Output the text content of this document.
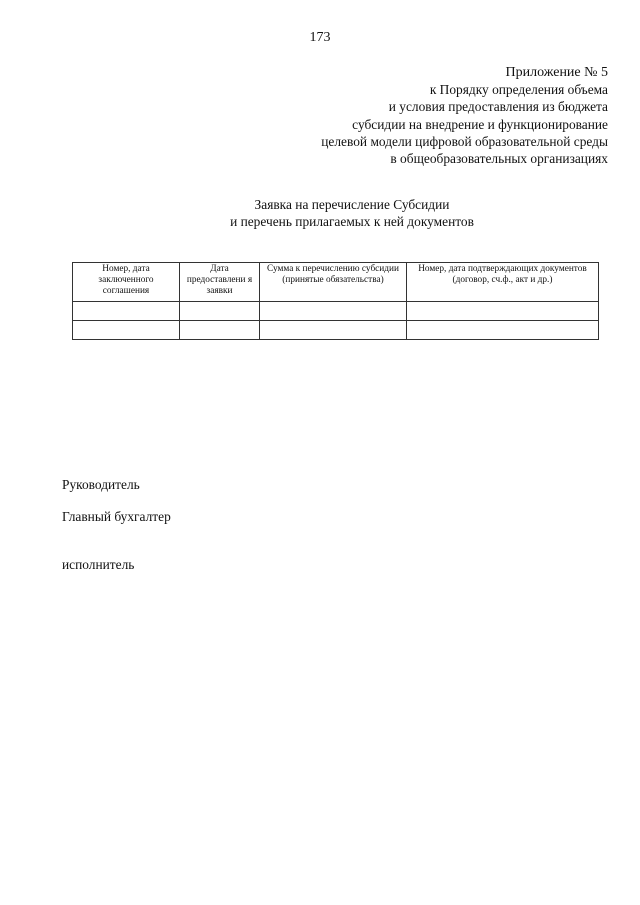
173
Приложение № 5
к Порядку определения объема
и условия предоставления из бюджета
субсидии на внедрение и функционирование
целевой модели цифровой образовательной среды
в общеобразовательных организациях
Заявка на перечисление Субсидии
и перечень прилагаемых к ней документов
Номер, дата заключенного соглашения	Дата предоставлени я заявки	Сумма к перечислению субсидии (принятые обязательства)	Номер, дата подтверждающих документов (договор, сч.ф., акт и др.)

Руководитель
Главный бухгалтер
исполнитель
